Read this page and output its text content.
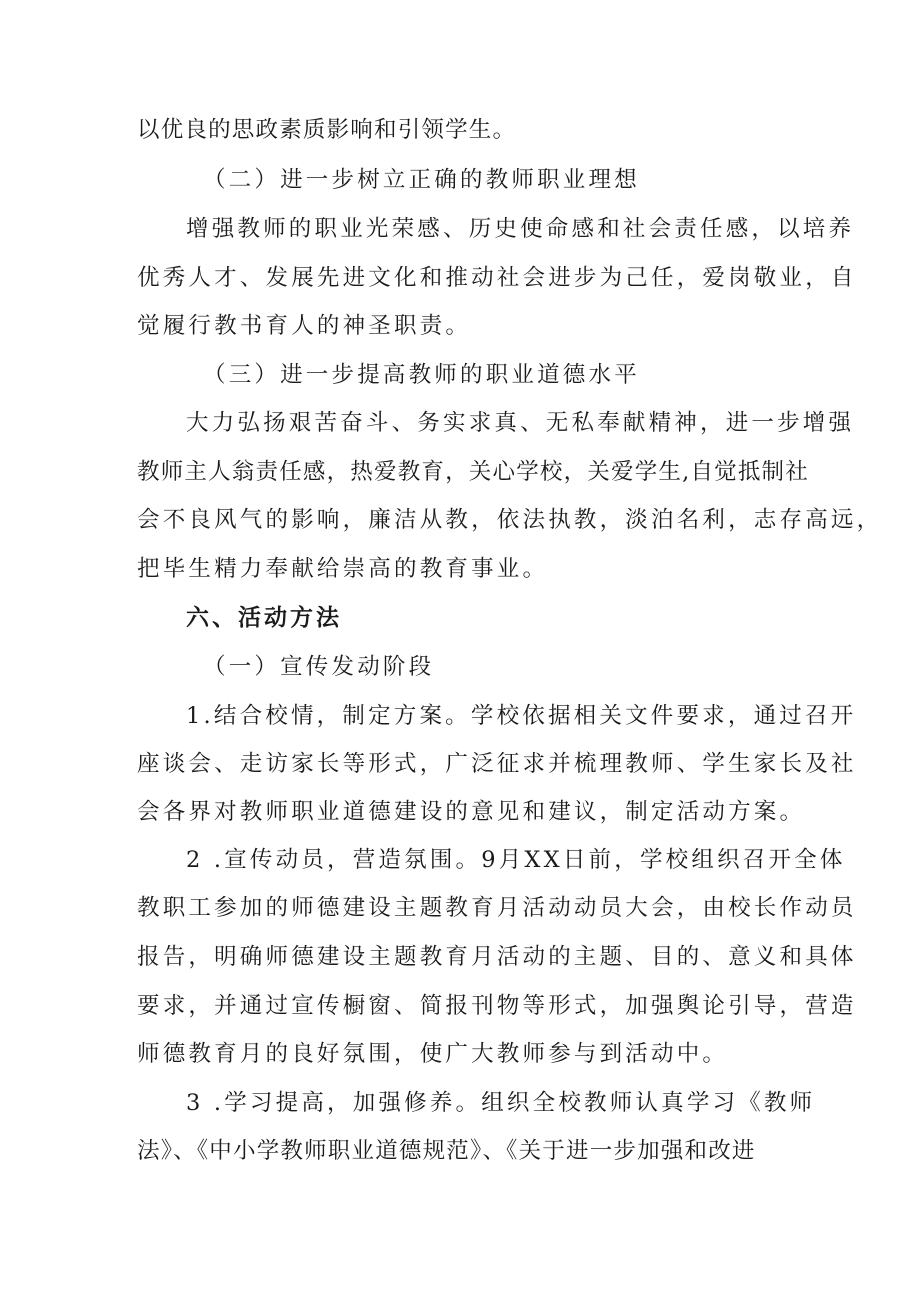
以优良的思政素质影响和引领学生。
（二）进一步树立正确的教师职业理想
增强教师的职业光荣感、历史使命感和社会责任感，以培养
优秀人才、发展先进文化和推动社会进步为己任，爱岗敬业，自
觉履行教书育人的神圣职责。
（三）进一步提高教师的职业道德水平
大力弘扬艰苦奋斗、务实求真、无私奉献精神，进一步增强
教师主人翁责任感，热爱教育，关心学校，关爱学生,自觉抵制社
会不良风气的影响，廉洁从教，依法执教，淡泊名利，志存高远，
把毕生精力奉献给崇高的教育事业。
六、活动方法
（一）宣传发动阶段
1.结合校情，制定方案。学校依据相关文件要求，通过召开
座谈会、走访家长等形式，广泛征求并梳理教师、学生家长及社
会各界对教师职业道德建设的意见和建议，制定活动方案。
2 .宣传动员，营造氛围。9月XX日前，学校组织召开全体
教职工参加的师德建设主题教育月活动动员大会，由校长作动员
报告，明确师德建设主题教育月活动的主题、目的、意义和具体
要求，并通过宣传橱窗、简报刊物等形式，加强舆论引导，营造
师德教育月的良好氛围，使广大教师参与到活动中。
3 .学习提高，加强修养。组织全校教师认真学习《教师
法》、《中小学教师职业道德规范》、《关于进一步加强和改进
